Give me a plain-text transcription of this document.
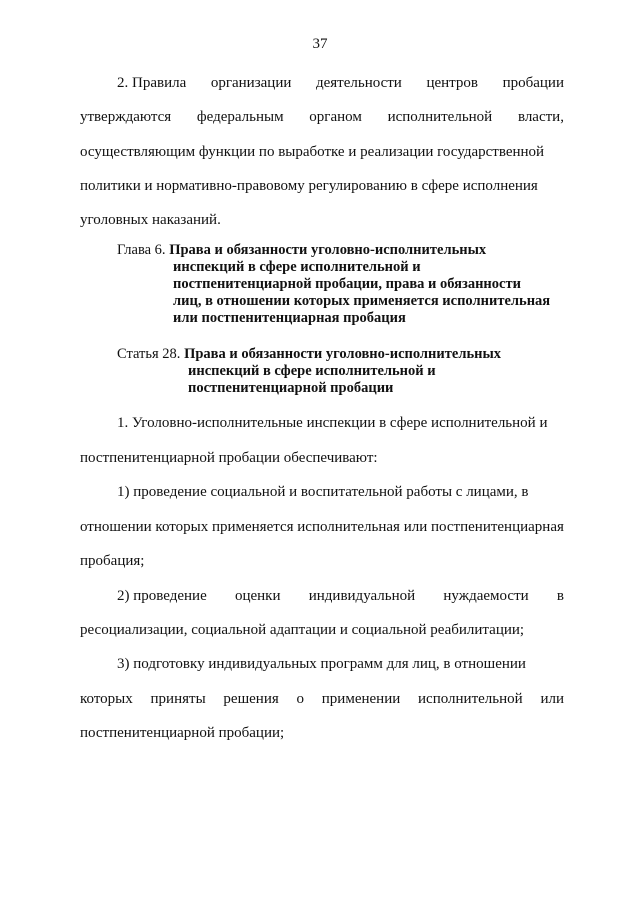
37
2. Правила организации деятельности центров пробации
утверждаются федеральным органом исполнительной власти,
осуществляющим функции по выработке и реализации государственной
политики и нормативно-правовому регулированию в сфере исполнения
уголовных наказаний.
Глава 6. Права и обязанности уголовно-исполнительных
инспекций в сфере исполнительной и
постпенитенциарной пробации, права и обязанности
лиц, в отношении которых применяется исполнительная
или постпенитенциарная пробация
Статья 28. Права и обязанности уголовно-исполнительных
инспекций в сфере исполнительной и
постпенитенциарной пробации
1. Уголовно-исполнительные инспекции в сфере исполнительной и
постпенитенциарной пробации обеспечивают:
1) проведение социальной и воспитательной работы с лицами, в
отношении которых применяется исполнительная или постпенитенциарная
пробация;
2) проведение оценки индивидуальной нуждаемости в
ресоциализации, социальной адаптации и социальной реабилитации;
3) подготовку индивидуальных программ для лиц, в отношении
которых приняты решения о применении исполнительной или
постпенитенциарной пробации;
